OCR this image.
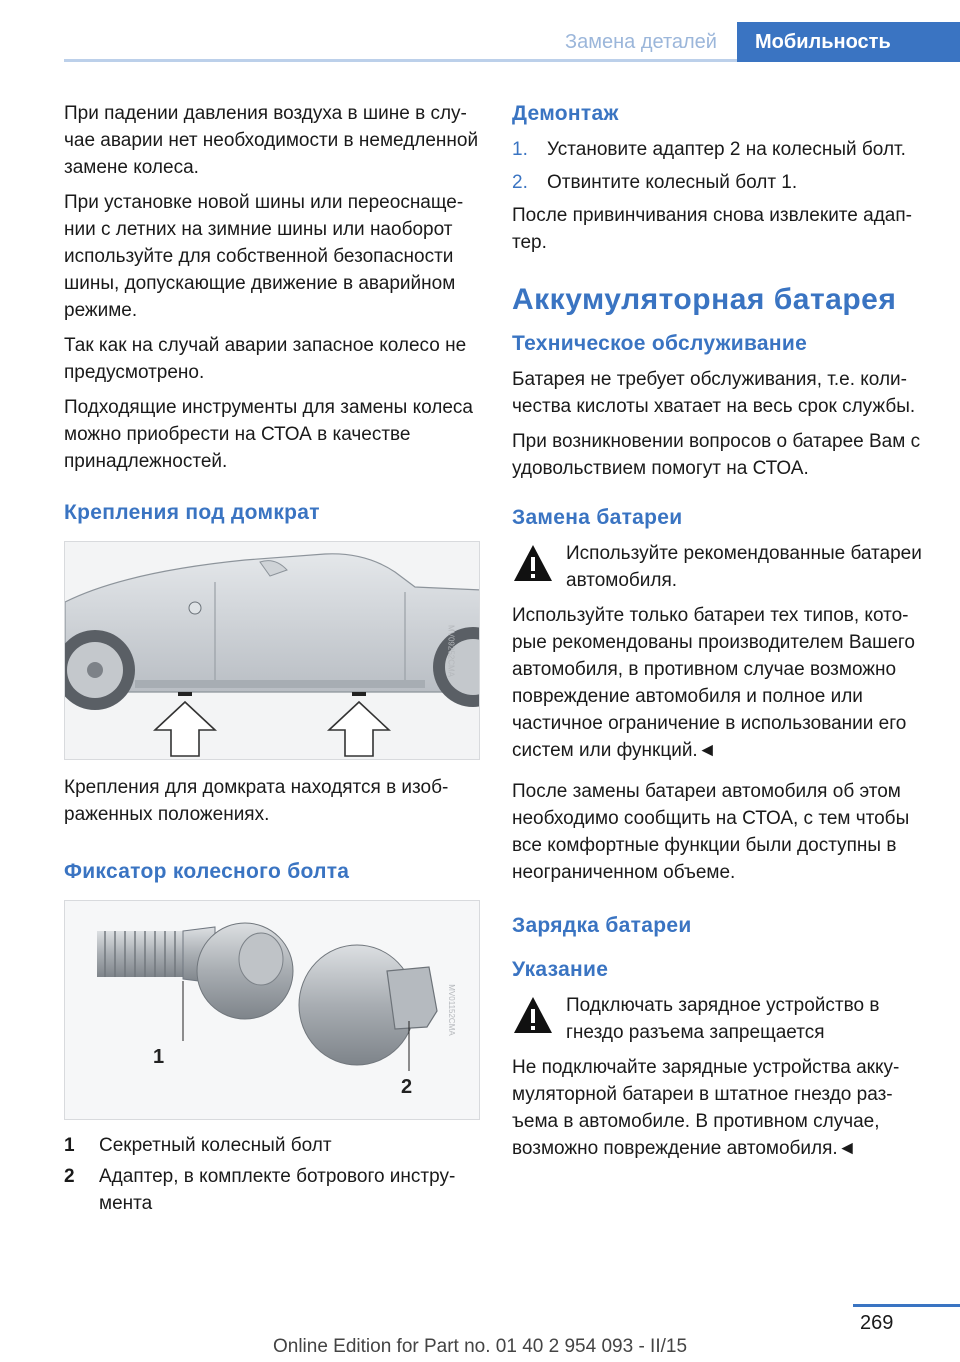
Замена деталей	Мобильность

При падении давления воздуха в шине в случае аварии нет необходимости в немедленной замене колеса.

При установке новой шины или переоснащении с летних на зимние шины или наоборот используйте для собственной безопасности шины, допускающие движение в аварийном режиме.

Так как на случай аварии запасное колесо не предусмотрено.

Подходящие инструменты для замены колеса можно приобрести на СТОА в качестве принадлежностей.

Крепления под домкрат
MV09252CMA

Крепления для домкрата находятся в изображенных положениях.

Фиксатор колесного болта
1
2
MV01152CMA
1	Секретный колесный болт
2	Адаптер, в комплекте ботрового инструмента
Демонтаж
1.	Установите адаптер 2 на колесный болт.
2.	Отвинтите колесный болт 1.

После привинчивания снова извлеките адаптер.

Аккумуляторная батарея
Техническое обслуживание

Батарея не требует обслуживания, т.е. количества кислоты хватает на весь срок службы.

При возникновении вопросов о батарее Вам с удовольствием помогут на СТОА.

Замена батареи
Используйте рекомендованные батареи автомобиля.

Используйте только батареи тех типов, которые рекомендованы производителем Вашего автомобиля, в противном случае возможно повреждение автомобиля и полное или частичное ограничение в использовании его систем или функций.◄

После замены батареи автомобиля об этом необходимо сообщить на СТОА, с тем чтобы все комфортные функции были доступны в неограниченном объеме.

Зарядка батареи
Указание
Подключать зарядное устройство в гнездо разъема запрещается

Не подключайте зарядные устройства аккумуляторной батареи в штатное гнездо разъема в автомобиле. В противном случае, возможно повреждение автомобиля.◄

269
Online Edition for Part no. 01 40 2 954 093 - II/15
